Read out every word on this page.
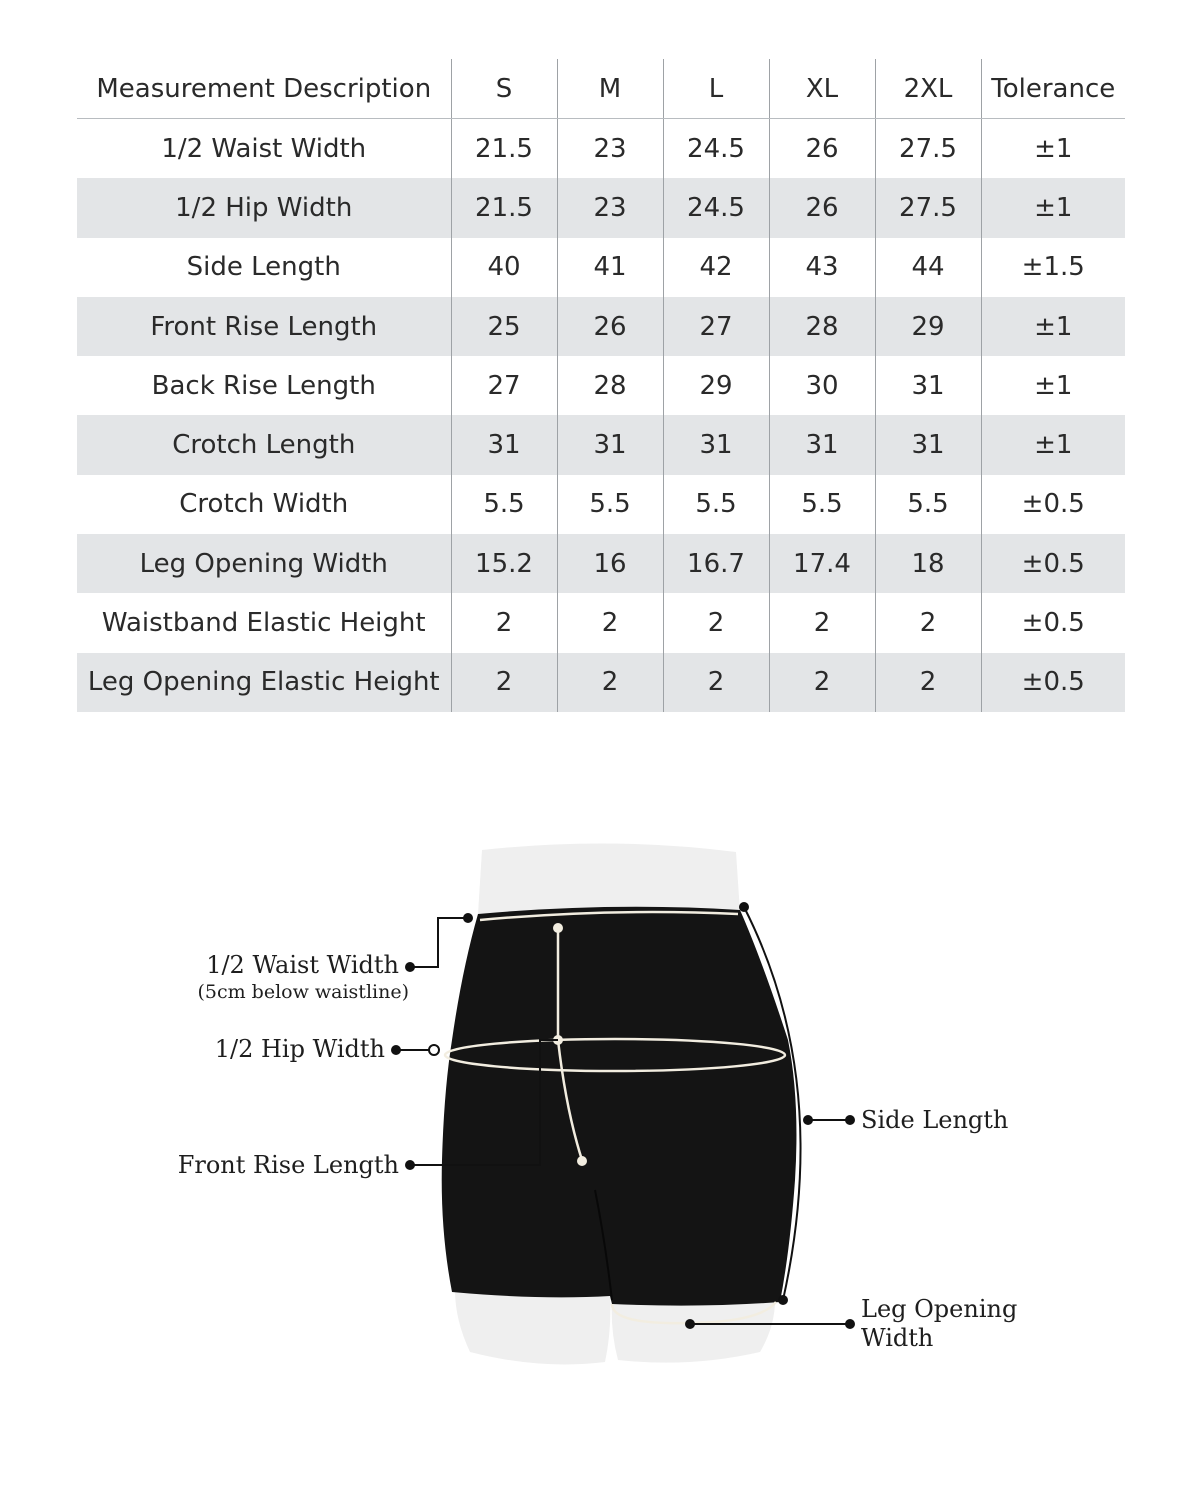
Measurement Description	S	M	L	XL	2XL	Tolerance
1/2 Waist Width	21.5	23	24.5	26	27.5	±1
1/2 Hip Width	21.5	23	24.5	26	27.5	±1
Side Length	40	41	42	43	44	±1.5
Front Rise Length	25	26	27	28	29	±1
Back Rise Length	27	28	29	30	31	±1
Crotch Length	31	31	31	31	31	±1
Crotch Width	5.5	5.5	5.5	5.5	5.5	±0.5
Leg Opening Width	15.2	16	16.7	17.4	18	±0.5
Waistband Elastic Height	2	2	2	2	2	±0.5
Leg Opening Elastic Height	2	2	2	2	2	±0.5
1/2 Waist Width
(5cm below waistline)
1/2 Hip Width
Front Rise Length
Side Length
Leg Opening
Width
